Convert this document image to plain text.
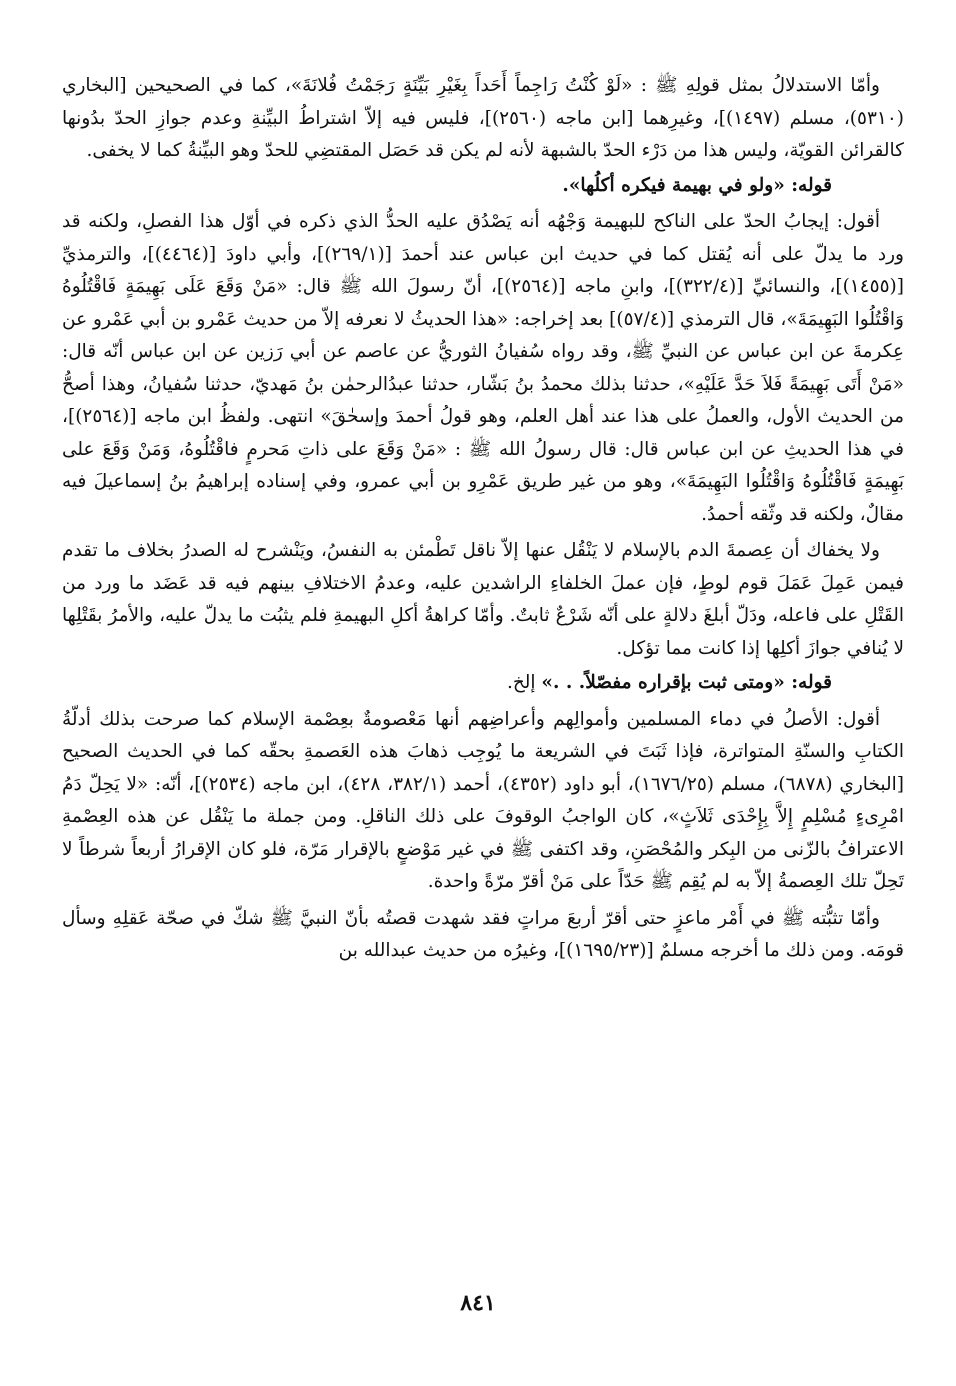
وأمّا الاستدلالُ بمثل قولِهِ ﷺ : «لَوْ كُنْتُ رَاجِماً أَحَداً بِغَيْرِ بَيِّنَةٍ رَجَمْتُ فُلانَةَ»، كما في الصحيحين [البخاري (٥٣١٠)، مسلم (١٤٩٧)]، وغيرِهما [ابن ماجه (٢٥٦٠)]، فليس فيه إلاّ اشتراطُ البيِّنةِ وعدم جوازِ الحدّ بدُونها كالقرائن القويّة، وليس هذا من دَرْء الحدّ بالشبهة لأنه لم يكن قد حَصَل المقتضِي للحدّ وهو البيِّنةُ كما لا يخفى.

قوله: «ولو في بهيمة فيكره أكلُها».

أقول: إيجابُ الحدّ على الناكح للبهيمة وَجْهُه أنه يَصْدُق عليه الحدُّ الذي ذكره في أوّل هذا الفصلِ، ولكنه قد ورد ما يدلّ على أنه يُقتل كما في حديث ابن عباس عند أحمدَ [(٢٦٩/١)]، وأبي داودَ [(٤٤٦٤)]، والترمذيِّ [(١٤٥٥)]، والنسائيِّ [(٣٢٢/٤)]، وابنِ ماجه [(٢٥٦٤)]، أنّ رسولَ الله ﷺ قال: «مَنْ وَقَعَ عَلَى بَهِيمَةٍ فَاقْتُلُوهُ وَاقْتُلُوا البَهِيمَةَ»، قال الترمذي [(٥٧/٤)] بعد إخراجه: «هذا الحديثُ لا نعرفه إلاّ من حديث عَمْرو بن أبي عَمْرو عن عِكرمةَ عن ابن عباس عن النبيِّ ﷺ، وقد رواه سُفيانُ الثوريُّ عن عاصم عن أبي رَزين عن ابن عباس أنّه قال: «مَنْ أَتَى بَهِيمَةً فَلاَ حَدَّ عَلَيْهِ»، حدثنا بذلك محمدُ بنُ بَشّار، حدثنا عبدُالرحمٰن بنُ مَهديّ، حدثنا سُفيانُ، وهذا أصحُّ من الحديث الأول، والعملُ على هذا عند أهل العلم، وهو قولُ أحمدَ وإسحٰقَ» انتهى. ولفظُ ابن ماجه [(٢٥٦٤)]، في هذا الحديثِ عن ابن عباس قال: قال رسولُ الله ﷺ : «مَنْ وَقَعَ على ذاتِ مَحرمٍ فاقْتُلُوهُ، وَمَنْ وَقَعَ على بَهِيمَةٍ فَاقْتُلُوهُ وَاقْتُلُوا البَهِيمَةَ»، وهو من غير طريق عَمْرِو بن أبي عمرو، وفي إسناده إبراهيمُ بنُ إسماعيلَ فيه مقالٌ، ولكنه قد وثّقه أحمدُ.

ولا يخفاك أن عِصمةَ الدم بالإسلام لا يَنْقُل عنها إلاّ ناقل تَطْمئن به النفسُ، ويَنْشرح له الصدرُ بخلاف ما تقدم فيمن عَمِلَ عَمَلَ قوم لوطٍ، فإن عملَ الخلفاءِ الراشدين عليه، وعدمُ الاختلافِ بينهم فيه قد عَضَد ما ورد من القَتْلِ على فاعله، ودَلّ أبلغَ دلالةٍ على أنّه شَرْعٌ ثابتٌ. وأمّا كراهةُ أكلِ البهيمةِ فلم يثبُت ما يدلّ عليه، والأمرُ بقَتْلِها لا يُنافي جوازَ أكلِها إذا كانت مما تؤكل.

قوله: «ومتى ثبت بإقراره مفصّلاً. . .» إلخ.

أقول: الأصلُ في دماء المسلمين وأموالِهم وأعراضِهم أنها مَعْصومةٌ بعِصْمة الإسلام كما صرحت بذلك أدلّةُ الكتابِ والسنّةِ المتواترة، فإذا ثَبَتَ في الشريعة ما يُوجِب ذهابَ هذه العَصمةِ بحقّه كما في الحديث الصحيح [البخاري (٦٨٧٨)، مسلم (١٦٧٦/٢٥)، أبو داود (٤٣٥٢)، أحمد (٣٨٢/١، ٤٢٨)، ابن ماجه (٢٥٣٤)]، أنّه: «لا يَحِلّ دَمُ امْرِىءٍ مُسْلِمٍ إِلاَّ بِإِحْدَى ثَلاَثٍ»، كان الواجبُ الوقوفَ على ذلك الناقلِ. ومن جملة ما يَنْقُل عن هذه العِصْمةِ الاعترافُ بالزّنى من البِكر والمُحْصَنِ، وقد اكتفى ﷺ في غير مَوْضعٍ بالإقرار مَرّة، فلو كان الإقرارُ أربعاً شرطاً لا تَحِلّ تلك العِصمةُ إلاّ به لم يُقِم ﷺ حَدّاً على مَنْ أقرّ مرّةً واحدة.

وأمّا تثبُّته ﷺ في أَمْر ماعزٍ حتى أقرّ أربعَ مراتٍ فقد شهدت قصتُه بأنّ النبيَّ ﷺ شكّ في صحّة عَقلِهِ وسأل قومَه. ومن ذلك ما أخرجه مسلمٌ [(١٦٩٥/٢٣)]، وغيرُه من حديث عبدالله بن

٨٤١
